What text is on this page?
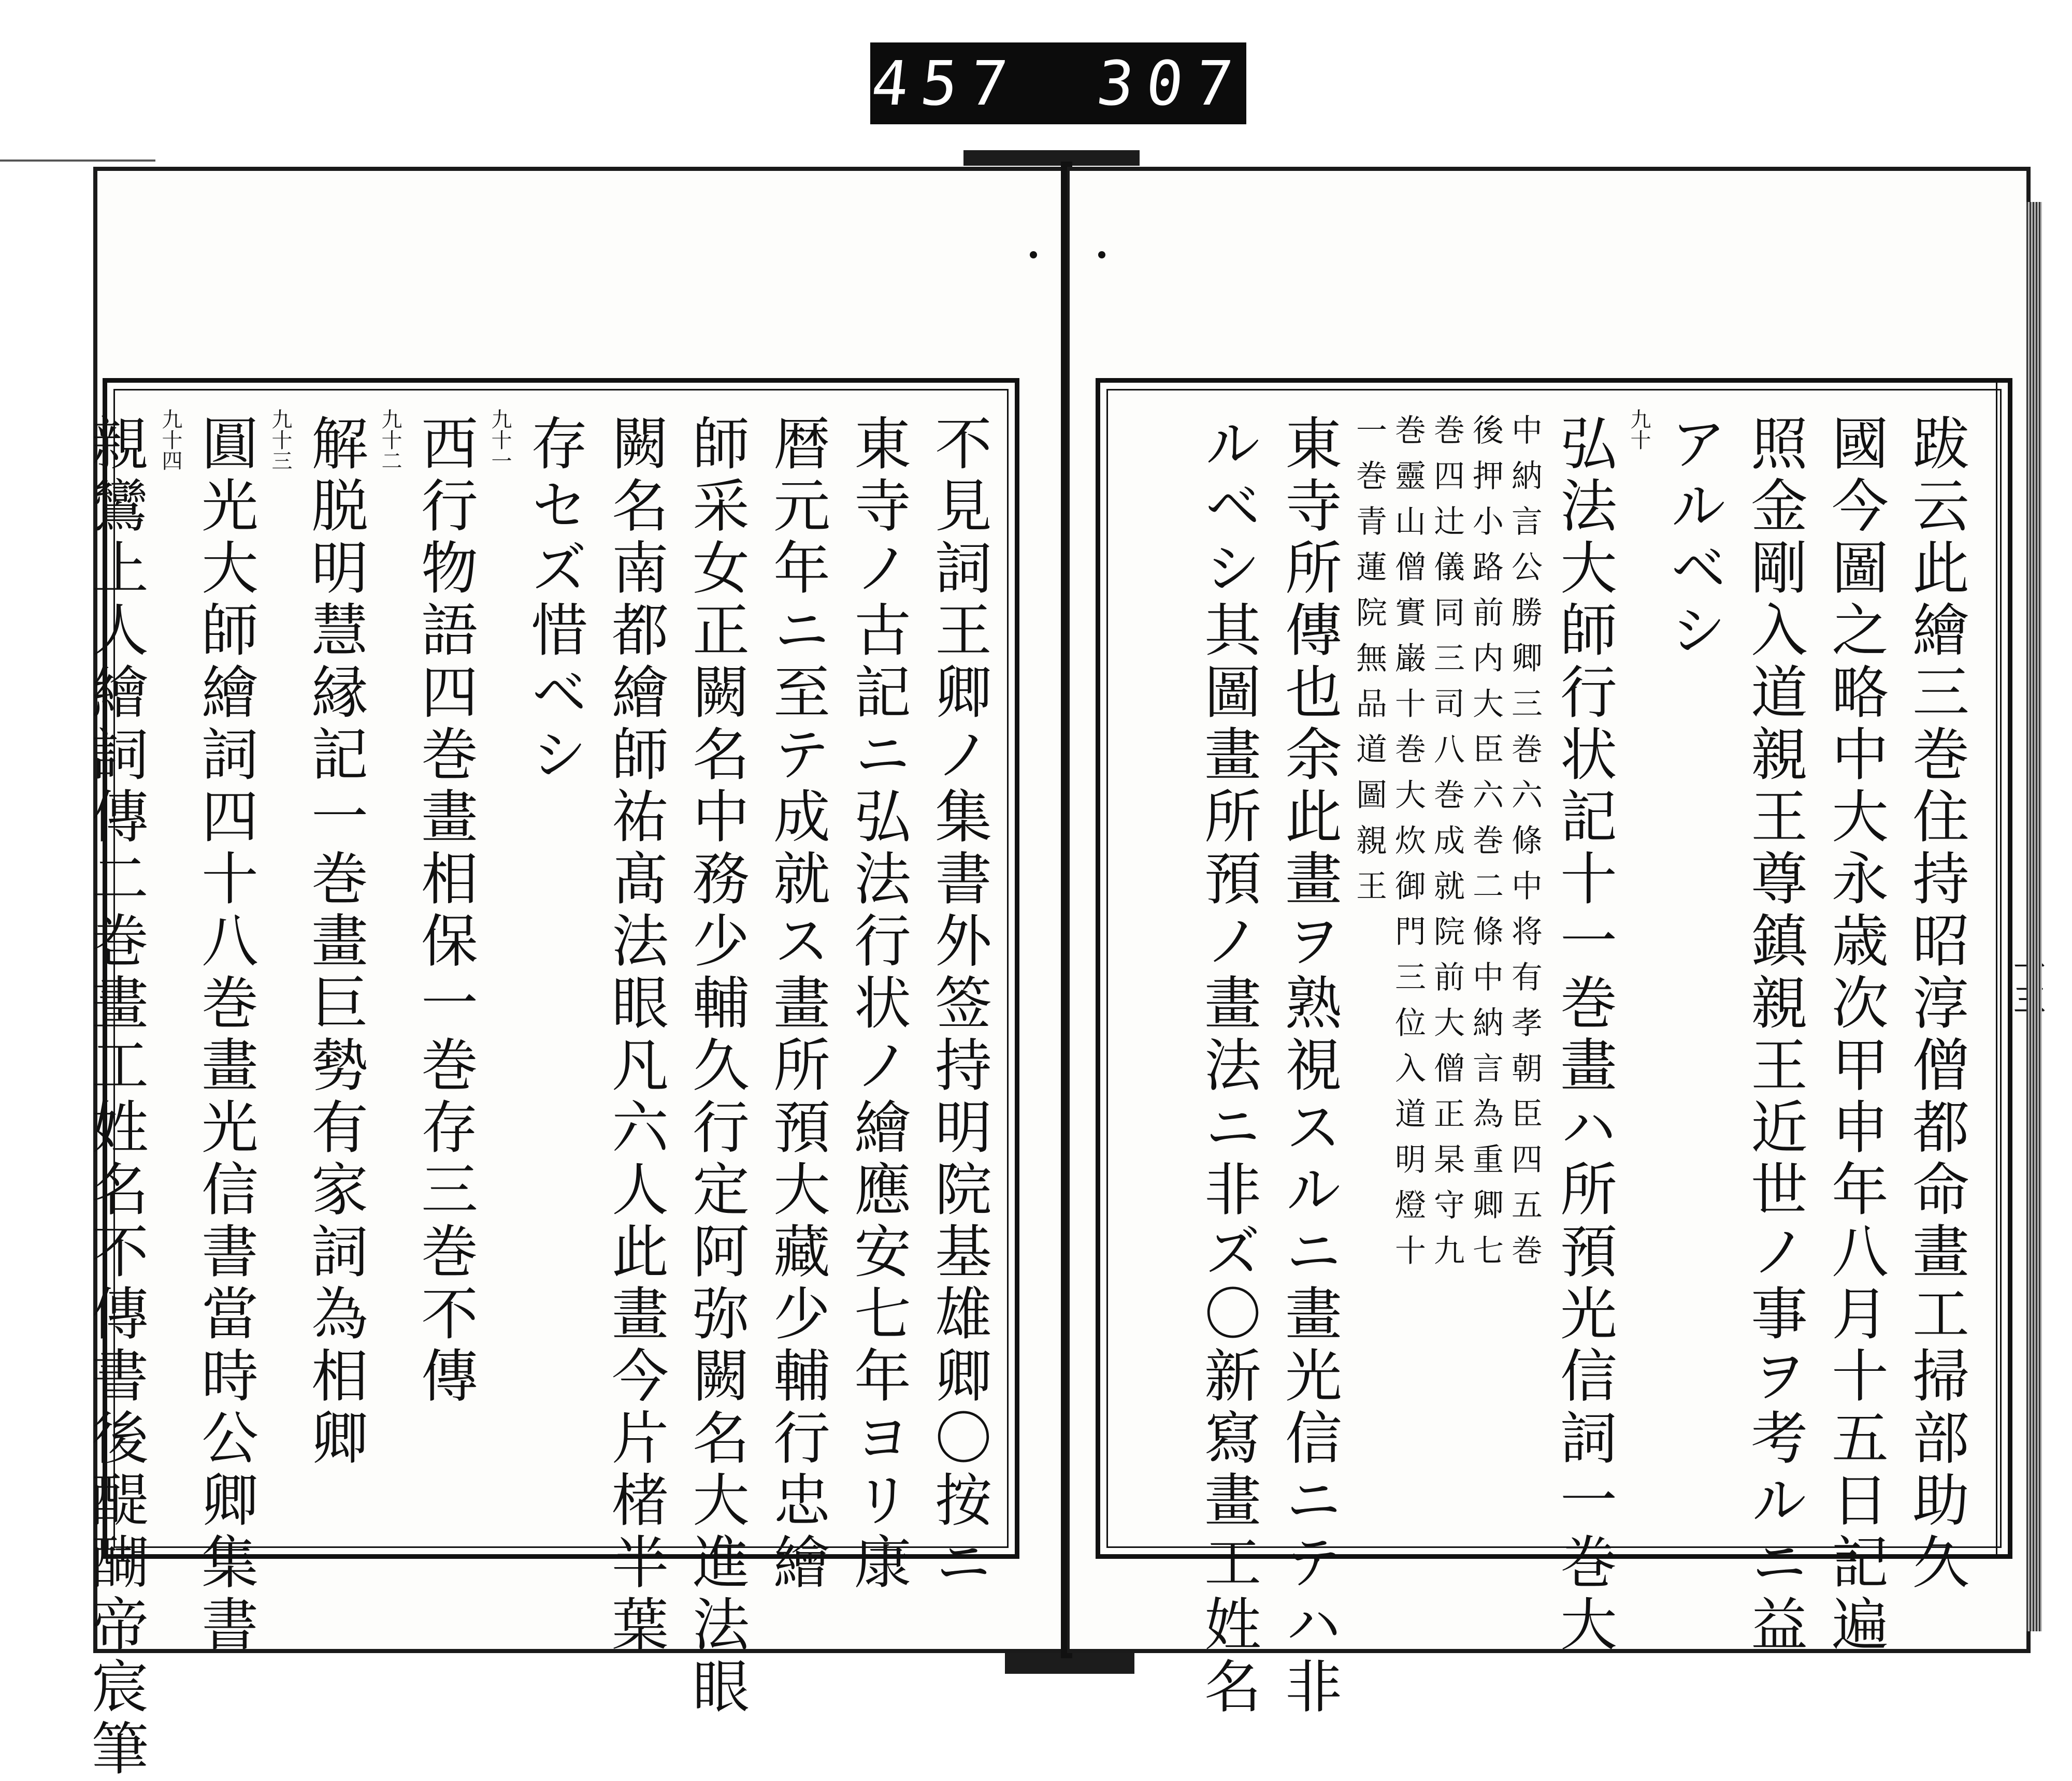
457 307
不見詞王卿ノ集書外签持明院基雄卿〇按ニ
東寺ノ古記ニ弘法行状ノ繪應安七年ヨリ康
暦元年ニ至テ成就ス畫所預大藏少輔行忠繪
師采女正闕名中務少輔久行定阿弥闕名大進法眼
闕名南都繪師祐髙法眼凡六人此畫今片楮半葉
存セズ惜ベシ
九十一
西行物語四巻畫相保一巻存三巻不傳
九十二
解脱明慧縁記一巻畫巨勢有家詞為相卿
九十三
圓光大師繪詞四十八巻畫光信書當時公卿集書
九十四
親鸞上人繪詞傳二巻畫工姓名不傳書後醍醐帝宸筆	跋云此繪三巻住持昭淳僧都命畫工掃部助久
國今圖之略中大永歳次甲申年八月十五日記遍
照金剛入道親王尊鎮親王近世ノ事ヲ考ルニ益
アルベシ
九十
弘法大師行状記十一巻畫ハ所預光信詞一巻大
中納言公勝卿三巻六條中将有孝朝臣四五巻
後押小路前内大臣六巻二條中納言為重卿七
巻四辻儀同三司八巻成就院前大僧正杲守九
巻靈山僧實巌十巻大炊御門三位入道明燈十
一巻青蓮院無品道圖親王
東寺所傳也余此畫ヲ熟視スルニ畫光信ニテハ非
ルベシ其圖畫所預ノ畫法ニ非ズ〇新寫畫工姓名
